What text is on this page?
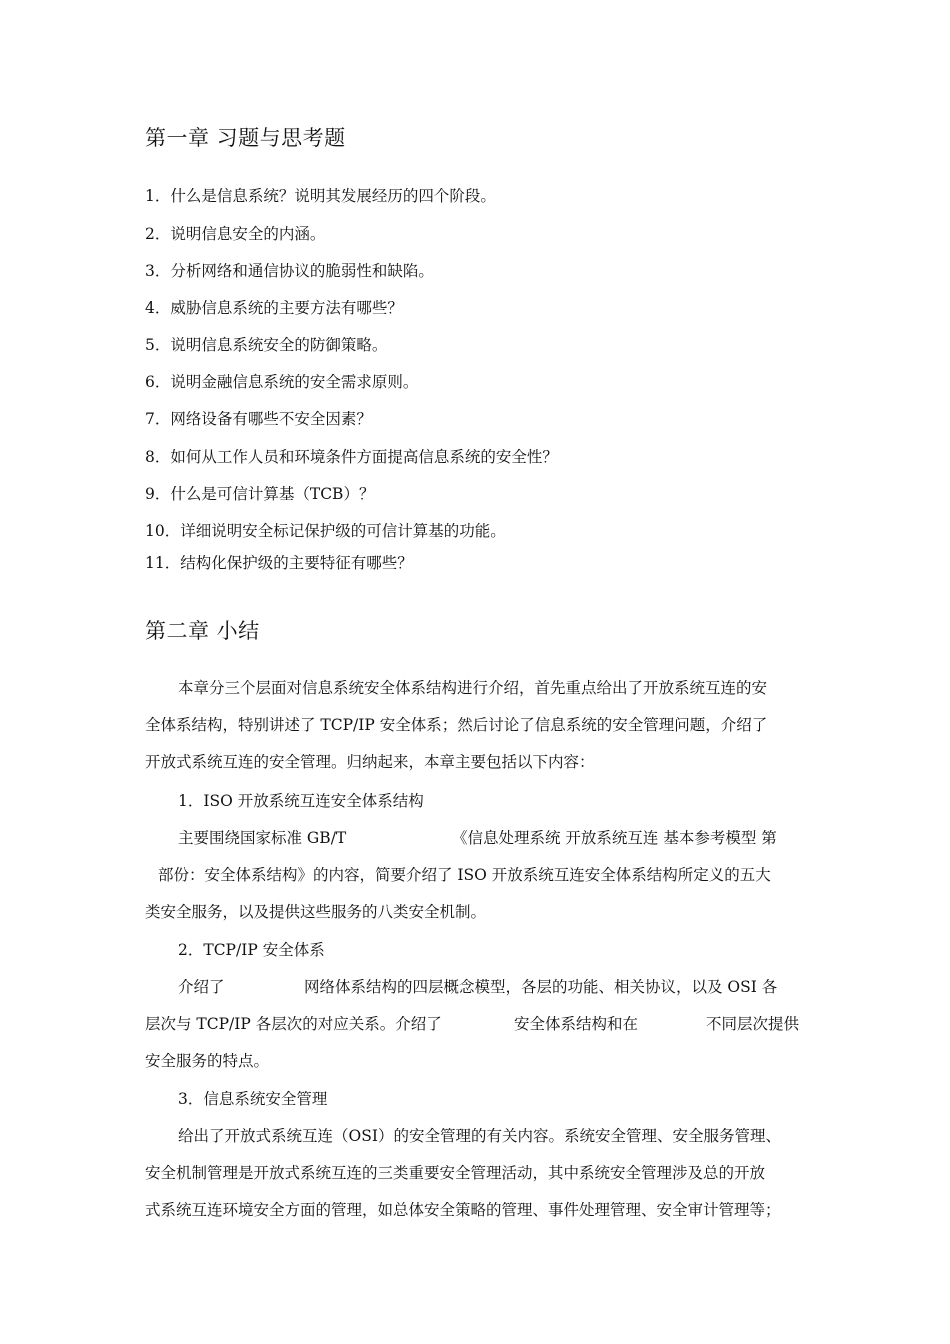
第一章 习题与思考题
1．什么是信息系统？说明其发展经历的四个阶段。
2．说明信息安全的内涵。
3．分析网络和通信协议的脆弱性和缺陷。
4．威胁信息系统的主要方法有哪些？
5．说明信息系统安全的防御策略。
6．说明金融信息系统的安全需求原则。
7．网络设备有哪些不安全因素？
8．如何从工作人员和环境条件方面提高信息系统的安全性？
9．什么是可信计算基（TCB）？
10．详细说明安全标记保护级的可信计算基的功能。
11．结构化保护级的主要特征有哪些？
第二章 小结
本章分三个层面对信息系统安全体系结构进行介绍，首先重点给出了开放系统互连的安
全体系结构，特别讲述了 TCP/IP 安全体系；然后讨论了信息系统的安全管理问题，介绍了
开放式系统互连的安全管理。归纳起来，本章主要包括以下内容：
1．ISO 开放系统互连安全体系结构
主要围绕国家标准 GB/T	《信息处理系统 开放系统互连 基本参考模型 第
部份：安全体系结构》的内容，简要介绍了 ISO 开放系统互连安全体系结构所定义的五大
类安全服务，以及提供这些服务的八类安全机制。
2．TCP/IP 安全体系
介绍了	网络体系结构的四层概念模型，各层的功能、相关协议，以及 OSI 各
层次与 TCP/IP 各层次的对应关系。介绍了	安全体系结构和在	不同层次提供
安全服务的特点。
3．信息系统安全管理
给出了开放式系统互连（OSI）的安全管理的有关内容。系统安全管理、安全服务管理、
安全机制管理是开放式系统互连的三类重要安全管理活动，其中系统安全管理涉及总的开放
式系统互连环境安全方面的管理，如总体安全策略的管理、事件处理管理、安全审计管理等；
